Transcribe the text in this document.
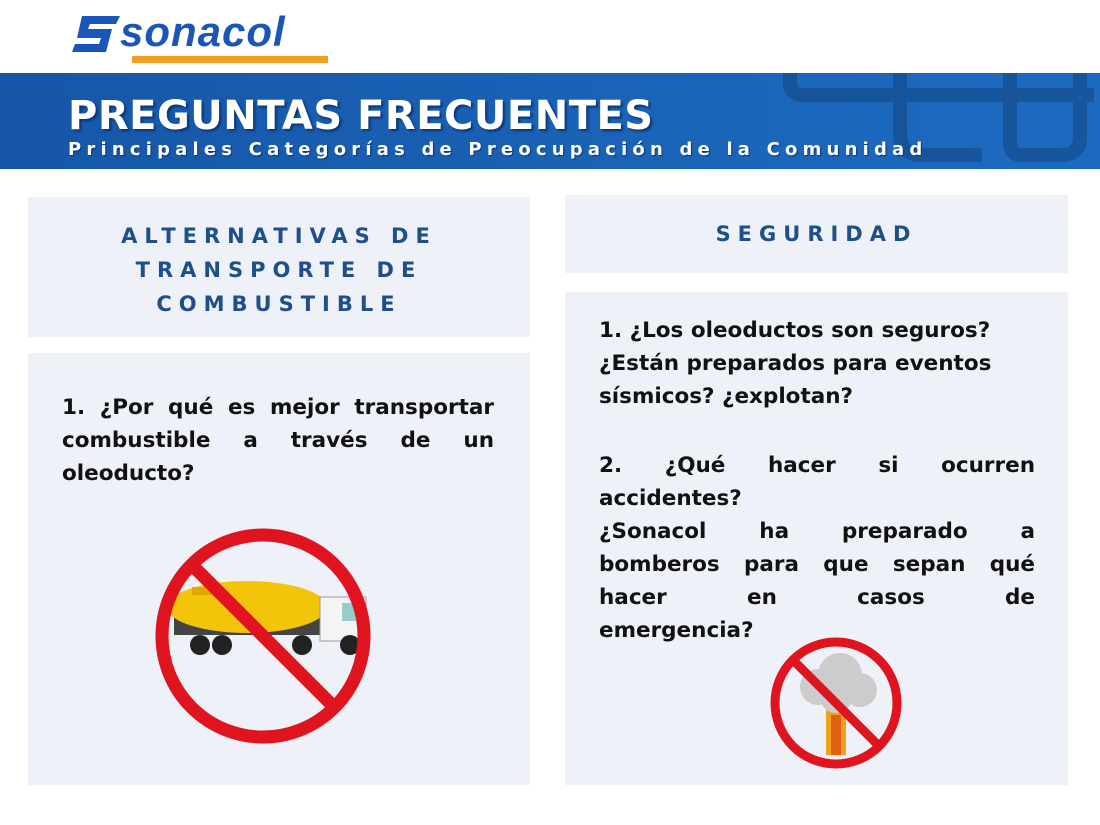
sonacol
PREGUNTAS FRECUENTES
Principales Categorías de Preocupación de la Comunidad
ALTERNATIVAS DE
TRANSPORTE DE
COMBUSTIBLE
1. ¿Por qué es mejor transportar
combustible a través de un
oleoducto?
SEGURIDAD
1. ¿Los oleoductos son seguros?
¿Están preparados para eventos
sísmicos? ¿explotan?
2. ¿Qué hacer si ocurren
accidentes?
¿Sonacol ha preparado a
bomberos para que sepan qué
hacer en casos de
emergencia?
